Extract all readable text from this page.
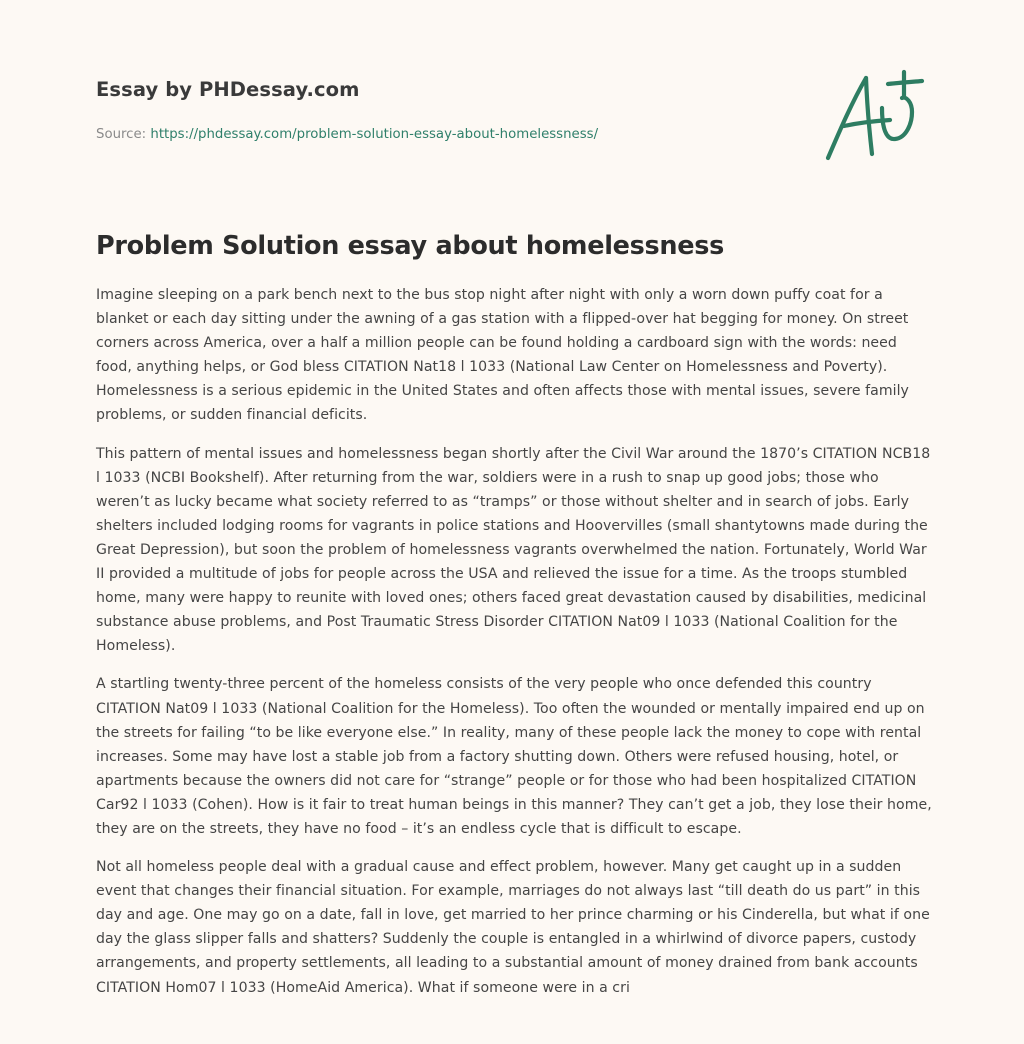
Essay by PHDessay.com
Source: https://phdessay.com/problem-solution-essay-about-homelessness/
Problem Solution essay about homelessness

Imagine sleeping on a park bench next to the bus stop night after night with only a worn down puffy coat for a blanket or each day sitting under the awning of a gas station with a flipped-over hat begging for money. On street corners across America, over a half a million people can be found holding a cardboard sign with the words: need food, anything helps, or God bless CITATION Nat18 l 1033 (National Law Center on Homelessness and Poverty). Homelessness is a serious epidemic in the United States and often affects those with mental issues, severe family problems, or sudden financial deficits.

This pattern of mental issues and homelessness began shortly after the Civil War around the 1870’s CITATION NCB18 l 1033 (NCBI Bookshelf). After returning from the war, soldiers were in a rush to snap up good jobs; those who weren’t as lucky became what society referred to as “tramps” or those without shelter and in search of jobs. Early shelters included lodging rooms for vagrants in police stations and Hoovervilles (small shantytowns made during the Great Depression), but soon the problem of homelessness vagrants overwhelmed the nation. Fortunately, World War II provided a multitude of jobs for people across the USA and relieved the issue for a time. As the troops stumbled home, many were happy to reunite with loved ones; others faced great devastation caused by disabilities, medicinal substance abuse problems, and Post Traumatic Stress Disorder CITATION Nat09 l 1033 (National Coalition for the Homeless).

A startling twenty-three percent of the homeless consists of the very people who once defended this country CITATION Nat09 l 1033 (National Coalition for the Homeless). Too often the wounded or mentally impaired end up on the streets for failing “to be like everyone else.” In reality, many of these people lack the money to cope with rental increases. Some may have lost a stable job from a factory shutting down. Others were refused housing, hotel, or apartments because the owners did not care for “strange” people or for those who had been hospitalized CITATION Car92 l 1033 (Cohen). How is it fair to treat human beings in this manner? They can’t get a job, they lose their home, they are on the streets, they have no food – it’s an endless cycle that is difficult to escape.

Not all homeless people deal with a gradual cause and effect problem, however. Many get caught up in a sudden event that changes their financial situation. For example, marriages do not always last “till death do us part” in this day and age. One may go on a date, fall in love, get married to her prince charming or his Cinderella, but what if one day the glass slipper falls and shatters? Suddenly the couple is entangled in a whirlwind of divorce papers, custody arrangements, and property settlements, all leading to a substantial amount of money drained from bank accounts CITATION Hom07 l 1033 (HomeAid America). What if someone were in a cri
